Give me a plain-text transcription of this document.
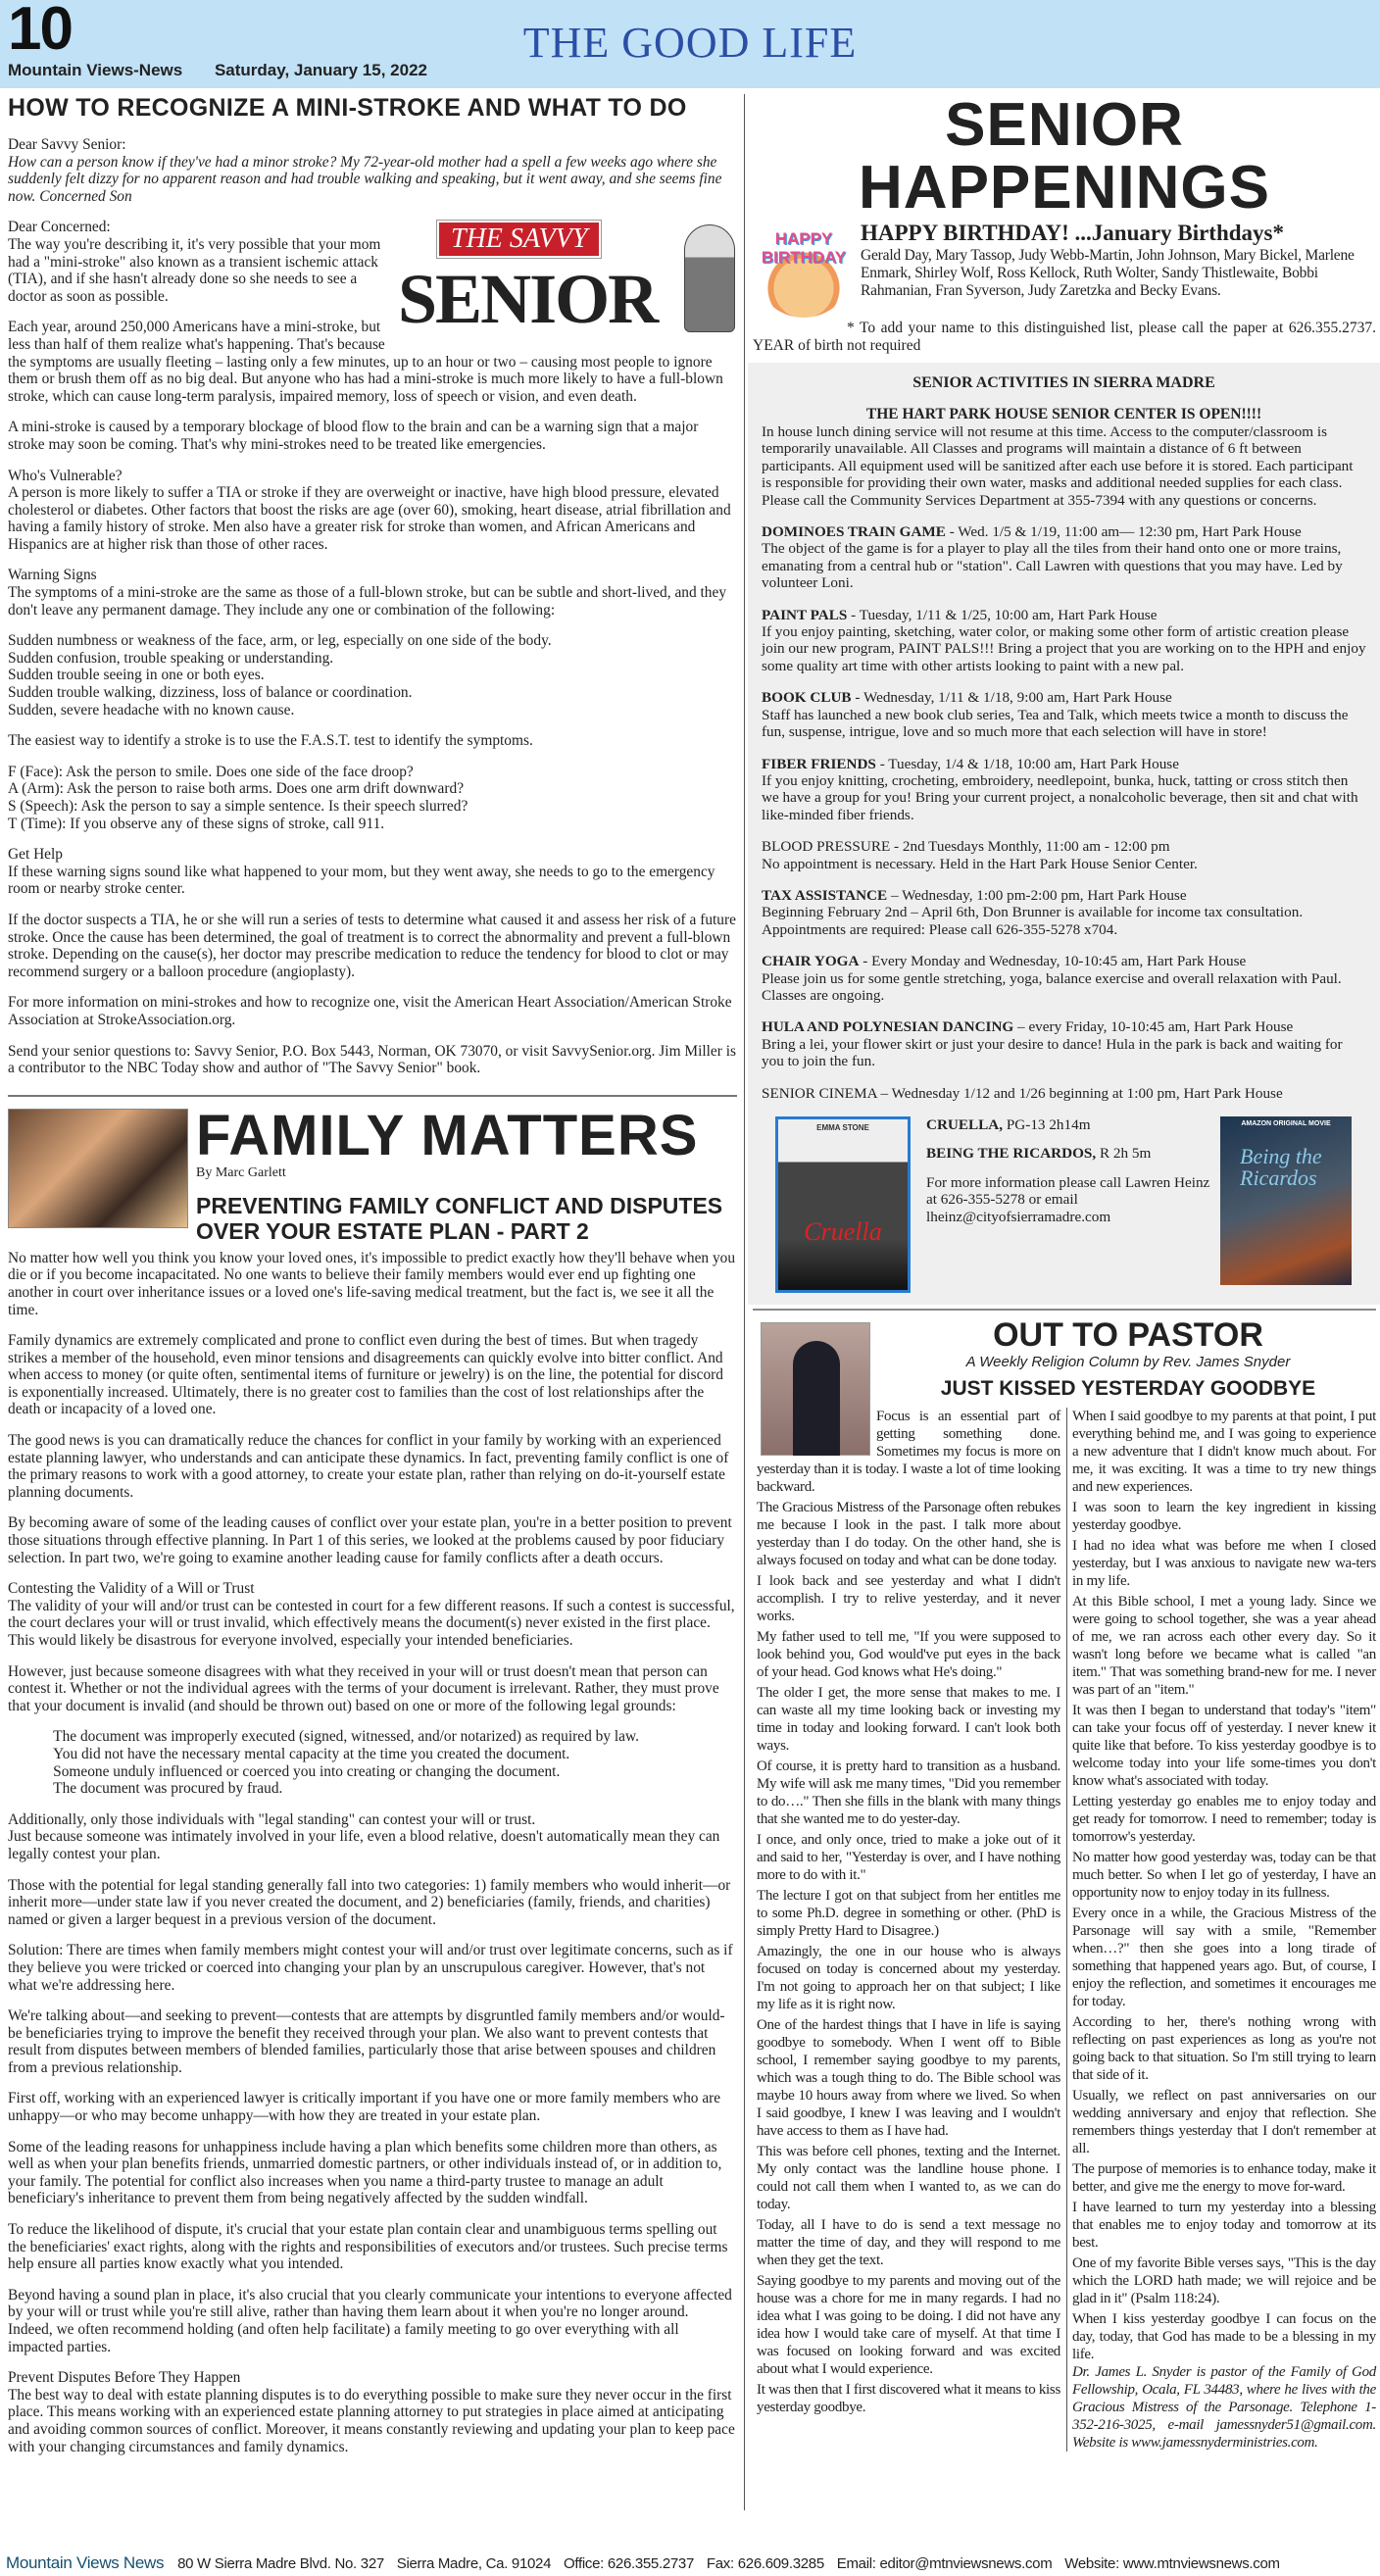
10
Mountain Views-News Saturday, January 15, 2022
THE GOOD LIFE
HOW TO RECOGNIZE A MINI-STROKE AND WHAT TO DO

Dear Savvy Senior:

How can a person know if they've had a minor stroke? My 72-year-old mother had a spell a few weeks ago where she suddenly felt dizzy for no apparent reason and had trouble walking and speaking, but it went away, and she seems fine now. Concerned Son

THE SAVVY
SENIOR

Dear Concerned:
The way you're describing it, it's very possible that your mom had a "mini-stroke" also known as a transient ischemic attack (TIA), and if she hasn't already done so she needs to see a doctor as soon as possible.

Each year, around 250,000 Americans have a mini-stroke, but less than half of them realize what's happening. That's because the symptoms are usually fleeting – lasting only a few minutes, up to an hour or two – causing most people to ignore them or brush them off as no big deal. But anyone who has had a mini-stroke is much more likely to have a full-blown stroke, which can cause long-term paralysis, impaired memory, loss of speech or vision, and even death.

A mini-stroke is caused by a temporary blockage of blood flow to the brain and can be a warning sign that a major stroke may soon be coming. That's why mini-strokes need to be treated like emergencies.

Who's Vulnerable?
A person is more likely to suffer a TIA or stroke if they are overweight or inactive, have high blood pressure, elevated cholesterol or diabetes. Other factors that boost the risks are age (over 60), smoking, heart disease, atrial fibrillation and having a family history of stroke. Men also have a greater risk for stroke than women, and African Americans and Hispanics are at higher risk than those of other races.

Warning Signs
The symptoms of a mini-stroke are the same as those of a full-blown stroke, but can be subtle and short-lived, and they don't leave any permanent damage. They include any one or combination of the following:

Sudden numbness or weakness of the face, arm, or leg, especially on one side of the body.
Sudden confusion, trouble speaking or understanding.
Sudden trouble seeing in one or both eyes.
Sudden trouble walking, dizziness, loss of balance or coordination.
Sudden, severe headache with no known cause.

The easiest way to identify a stroke is to use the F.A.S.T. test to identify the symptoms.

F (Face): Ask the person to smile. Does one side of the face droop?
A (Arm): Ask the person to raise both arms. Does one arm drift downward?
S (Speech): Ask the person to say a simple sentence. Is their speech slurred?
T (Time): If you observe any of these signs of stroke, call 911.

Get Help
If these warning signs sound like what happened to your mom, but they went away, she needs to go to the emergency room or nearby stroke center.

If the doctor suspects a TIA, he or she will run a series of tests to determine what caused it and assess her risk of a future stroke. Once the cause has been determined, the goal of treatment is to correct the abnormality and prevent a full-blown stroke. Depending on the cause(s), her doctor may prescribe medication to reduce the tendency for blood to clot or may recommend surgery or a balloon procedure (angioplasty).

For more information on mini-strokes and how to recognize one, visit the American Heart Association/American Stroke Association at StrokeAssociation.org.

Send your senior questions to: Savvy Senior, P.O. Box 5443, Norman, OK 73070, or visit SavvySenior.org. Jim Miller is a contributor to the NBC Today show and author of "The Savvy Senior" book.

FAMILY MATTERS
By Marc Garlett
PREVENTING FAMILY CONFLICT AND DISPUTES OVER YOUR ESTATE PLAN - PART 2

No matter how well you think you know your loved ones, it's impossible to predict exactly how they'll behave when you die or if you become incapacitated. No one wants to believe their family members would ever end up fighting one another in court over inheritance issues or a loved one's life-saving medical treatment, but the fact is, we see it all the time.

Family dynamics are extremely complicated and prone to conflict even during the best of times. But when tragedy strikes a member of the household, even minor tensions and disagreements can quickly evolve into bitter conflict. And when access to money (or quite often, sentimental items of furniture or jewelry) is on the line, the potential for discord is exponentially increased. Ultimately, there is no greater cost to families than the cost of lost relationships after the death or incapacity of a loved one.

The good news is you can dramatically reduce the chances for conflict in your family by working with an experienced estate planning lawyer, who understands and can anticipate these dynamics. In fact, preventing family conflict is one of the primary reasons to work with a good attorney, to create your estate plan, rather than relying on do-it-yourself estate planning documents.

By becoming aware of some of the leading causes of conflict over your estate plan, you're in a better position to prevent those situations through effective planning. In Part 1 of this series, we looked at the problems caused by poor fiduciary selection. In part two, we're going to examine another leading cause for family conflicts after a death occurs.

Contesting the Validity of a Will or Trust
The validity of your will and/or trust can be contested in court for a few different reasons. If such a contest is successful, the court declares your will or trust invalid, which effectively means the document(s) never existed in the first place. This would likely be disastrous for everyone involved, especially your intended beneficiaries.

However, just because someone disagrees with what they received in your will or trust doesn't mean that person can contest it. Whether or not the individual agrees with the terms of your document is irrelevant. Rather, they must prove that your document is invalid (and should be thrown out) based on one or more of the following legal grounds:

   The document was improperly executed (signed, witnessed, and/or notarized) as required by law.
   You did not have the necessary mental capacity at the time you created the document.
   Someone unduly influenced or coerced you into creating or changing the document.
   The document was procured by fraud.

Additionally, only those individuals with "legal standing" can contest your will or trust.
Just because someone was intimately involved in your life, even a blood relative, doesn't automatically mean they can legally contest your plan.

Those with the potential for legal standing generally fall into two categories: 1) family members who would inherit—or inherit more—under state law if you never created the document, and 2) beneficiaries (family, friends, and charities) named or given a larger bequest in a previous version of the document.

Solution: There are times when family members might contest your will and/or trust over legitimate concerns, such as if they believe you were tricked or coerced into changing your plan by an unscrupulous caregiver. However, that's not what we're addressing here.

We're talking about—and seeking to prevent—contests that are attempts by disgruntled family members and/or would-be beneficiaries trying to improve the benefit they received through your plan. We also want to prevent contests that result from disputes between members of blended families, particularly those that arise between spouses and children from a previous relationship.

First off, working with an experienced lawyer is critically important if you have one or more family members who are unhappy—or who may become unhappy—with how they are treated in your estate plan.

Some of the leading reasons for unhappiness include having a plan which benefits some children more than others, as well as when your plan benefits friends, unmarried domestic partners, or other individuals instead of, or in addition to, your family. The potential for conflict also increases when you name a third-party trustee to manage an adult beneficiary's inheritance to prevent them from being negatively affected by the sudden windfall.

To reduce the likelihood of dispute, it's crucial that your estate plan contain clear and unambiguous terms spelling out the beneficiaries' exact rights, along with the rights and responsibilities of executors and/or trustees. Such precise terms help ensure all parties know exactly what you intended.

Beyond having a sound plan in place, it's also crucial that you clearly communicate your intentions to everyone affected by your will or trust while you're still alive, rather than having them learn about it when you're no longer around. Indeed, we often recommend holding (and often help facilitate) a family meeting to go over everything with all impacted parties.

Prevent Disputes Before They Happen
The best way to deal with estate planning disputes is to do everything possible to make sure they never occur in the first place. This means working with an experienced estate planning attorney to put strategies in place aimed at anticipating and avoiding common sources of conflict. Moreover, it means constantly reviewing and updating your plan to keep pace with your changing circumstances and family dynamics.

SENIOR HAPPENINGS
HAPPY BIRTHDAY
HAPPY BIRTHDAY! ...January Birthdays*
Gerald Day, Mary Tassop, Judy Webb-Martin, John Johnson, Mary Bickel, Marlene Enmark, Shirley Wolf, Ross Kellock, Ruth Wolter, Sandy Thistlewaite, Bobbi Rahmanian, Fran Syverson, Judy Zaretzka and Becky Evans.
* To add your name to this distinguished list, please call the paper at 626.355.2737. YEAR of birth not required
SENIOR ACTIVITIES IN SIERRA MADRE
THE HART PARK HOUSE SENIOR CENTER IS OPEN!!!!

In house lunch dining service will not resume at this time. Access to the computer/classroom is temporarily unavailable. All Classes and programs will maintain a distance of 6 ft between participants. All equipment used will be sanitized after each use before it is stored. Each participant is responsible for providing their own water, masks and additional needed supplies for each class. Please call the Community Services Department at 355-7394 with any questions or concerns.

DOMINOES TRAIN GAME - Wed. 1/5 & 1/19, 11:00 am— 12:30 pm, Hart Park House
The object of the game is for a player to play all the tiles from their hand onto one or more trains, emanating from a central hub or "station". Call Lawren with questions that you may have. Led by volunteer Loni.

PAINT PALS - Tuesday, 1/11 & 1/25, 10:00 am, Hart Park House
If you enjoy painting, sketching, water color, or making some other form of artistic creation please join our new program, PAINT PALS!!! Bring a project that you are working on to the HPH and enjoy some quality art time with other artists looking to paint with a new pal.

BOOK CLUB - Wednesday, 1/11 & 1/18, 9:00 am, Hart Park House
Staff has launched a new book club series, Tea and Talk, which meets twice a month to discuss the fun, suspense, intrigue, love and so much more that each selection will have in store!

FIBER FRIENDS - Tuesday, 1/4 & 1/18, 10:00 am, Hart Park House
If you enjoy knitting, crocheting, embroidery, needlepoint, bunka, huck, tatting or cross stitch then we have a group for you! Bring your current project, a nonalcoholic beverage, then sit and chat with like-minded fiber friends.

BLOOD PRESSURE - 2nd Tuesdays Monthly, 11:00 am - 12:00 pm
No appointment is necessary. Held in the Hart Park House Senior Center.

TAX ASSISTANCE – Wednesday, 1:00 pm-2:00 pm, Hart Park House
Beginning February 2nd – April 6th, Don Brunner is available for income tax consultation. Appointments are required: Please call 626-355-5278 x704.

CHAIR YOGA - Every Monday and Wednesday, 10-10:45 am, Hart Park House
Please join us for some gentle stretching, yoga, balance exercise and overall relaxation with Paul. Classes are ongoing.

HULA AND POLYNESIAN DANCING – every Friday, 10-10:45 am, Hart Park House
Bring a lei, your flower skirt or just your desire to dance! Hula in the park is back and waiting for you to join the fun.

SENIOR CINEMA – Wednesday 1/12 and 1/26 beginning at 1:00 pm, Hart Park House

EMMA STONE
Cruella

CRUELLA, PG-13 2h14m

BEING THE RICARDOS, R 2h 5m

For more information please call Lawren Heinz at 626-355-5278 or email lheinz@cityofsierramadre.com

AMAZON ORIGINAL MOVIE
Being the Ricardos
OUT TO PASTOR
A Weekly Religion Column by Rev. James Snyder
JUST KISSED YESTERDAY GOODBYE

Focus is an essential part of getting something done. Sometimes my focus is more on yesterday than it is today. I waste a lot of time looking backward.

The Gracious Mistress of the Parsonage often rebukes me because I look in the past. I talk more about yesterday than I do today. On the other hand, she is always focused on today and what can be done today.

I look back and see yesterday and what I didn't accomplish. I try to relive yesterday, and it never works.

My father used to tell me, "If you were supposed to look behind you, God would've put eyes in the back of your head. God knows what He's doing."

The older I get, the more sense that makes to me. I can waste all my time looking back or investing my time in today and looking forward. I can't look both ways.

Of course, it is pretty hard to transition as a husband. My wife will ask me many times, "Did you remember to do…." Then she fills in the blank with many things that she wanted me to do yester-day.

I once, and only once, tried to make a joke out of it and said to her, "Yesterday is over, and I have nothing more to do with it."

The lecture I got on that subject from her entitles me to some Ph.D. degree in something or other. (PhD is simply Pretty Hard to Disagree.)

Amazingly, the one in our house who is always focused on today is concerned about my yesterday. I'm not going to approach her on that subject; I like my life as it is right now.

One of the hardest things that I have in life is saying goodbye to somebody. When I went off to Bible school, I remember saying goodbye to my parents, which was a tough thing to do. The Bible school was maybe 10 hours away from where we lived. So when I said goodbye, I knew I was leaving and I wouldn't have access to them as I have had.

This was before cell phones, texting and the Internet. My only contact was the landline house phone. I could not call them when I wanted to, as we can do today.

Today, all I have to do is send a text message no matter the time of day, and they will respond to me when they get the text.

Saying goodbye to my parents and moving out of the house was a chore for me in many regards. I had no idea what I was going to be doing. I did not have any idea how I would take care of myself. At that time I was focused on looking forward and was excited about what I would experience.

It was then that I first discovered what it means to kiss yesterday goodbye.

When I said goodbye to my parents at that point, I put everything behind me, and I was going to experience a new adventure that I didn't know much about. For me, it was exciting. It was a time to try new things and new experiences.

I was soon to learn the key ingredient in kissing yesterday goodbye.

I had no idea what was before me when I closed yesterday, but I was anxious to navigate new wa-ters in my life.

At this Bible school, I met a young lady. Since we were going to school together, she was a year ahead of me, we ran across each other every day. So it wasn't long before we became what is called "an item." That was something brand-new for me. I never was part of an "item."

It was then I began to understand that today's "item" can take your focus off of yesterday. I never knew it quite like that before. To kiss yesterday goodbye is to welcome today into your life some-times you don't know what's associated with today.

Letting yesterday go enables me to enjoy today and get ready for tomorrow. I need to remember; today is tomorrow's yesterday.

No matter how good yesterday was, today can be that much better. So when I let go of yesterday, I have an opportunity now to enjoy today in its fullness.

Every once in a while, the Gracious Mistress of the Parsonage will say with a smile, "Remember when…?" then she goes into a long tirade of something that happened years ago. But, of course, I enjoy the reflection, and sometimes it encourages me for today.

According to her, there's nothing wrong with reflecting on past experiences as long as you're not going back to that situation. So I'm still trying to learn that side of it.

Usually, we reflect on past anniversaries on our wedding anniversary and enjoy that reflection. She remembers things yesterday that I don't remember at all.

The purpose of memories is to enhance today, make it better, and give me the energy to move for-ward.

I have learned to turn my yesterday into a blessing that enables me to enjoy today and tomorrow at its best.

One of my favorite Bible verses says, "This is the day which the LORD hath made; we will rejoice and be glad in it" (Psalm 118:24).

When I kiss yesterday goodbye I can focus on the day, today, that God has made to be a blessing in my life.

Dr. James L. Snyder is pastor of the Family of God Fellowship, Ocala, FL 34483, where he lives with the Gracious Mistress of the Parsonage. Telephone 1-352-216-3025, e-mail jamessnyder51@gmail.com. Website is www.jamessnyderministries.com.

Mountain Views News 80 W Sierra Madre Blvd. No. 327 Sierra Madre, Ca. 91024 Office: 626.355.2737 Fax: 626.609.3285 Email: editor@mtnviewsnews.com Website: www.mtnviewsnews.com
